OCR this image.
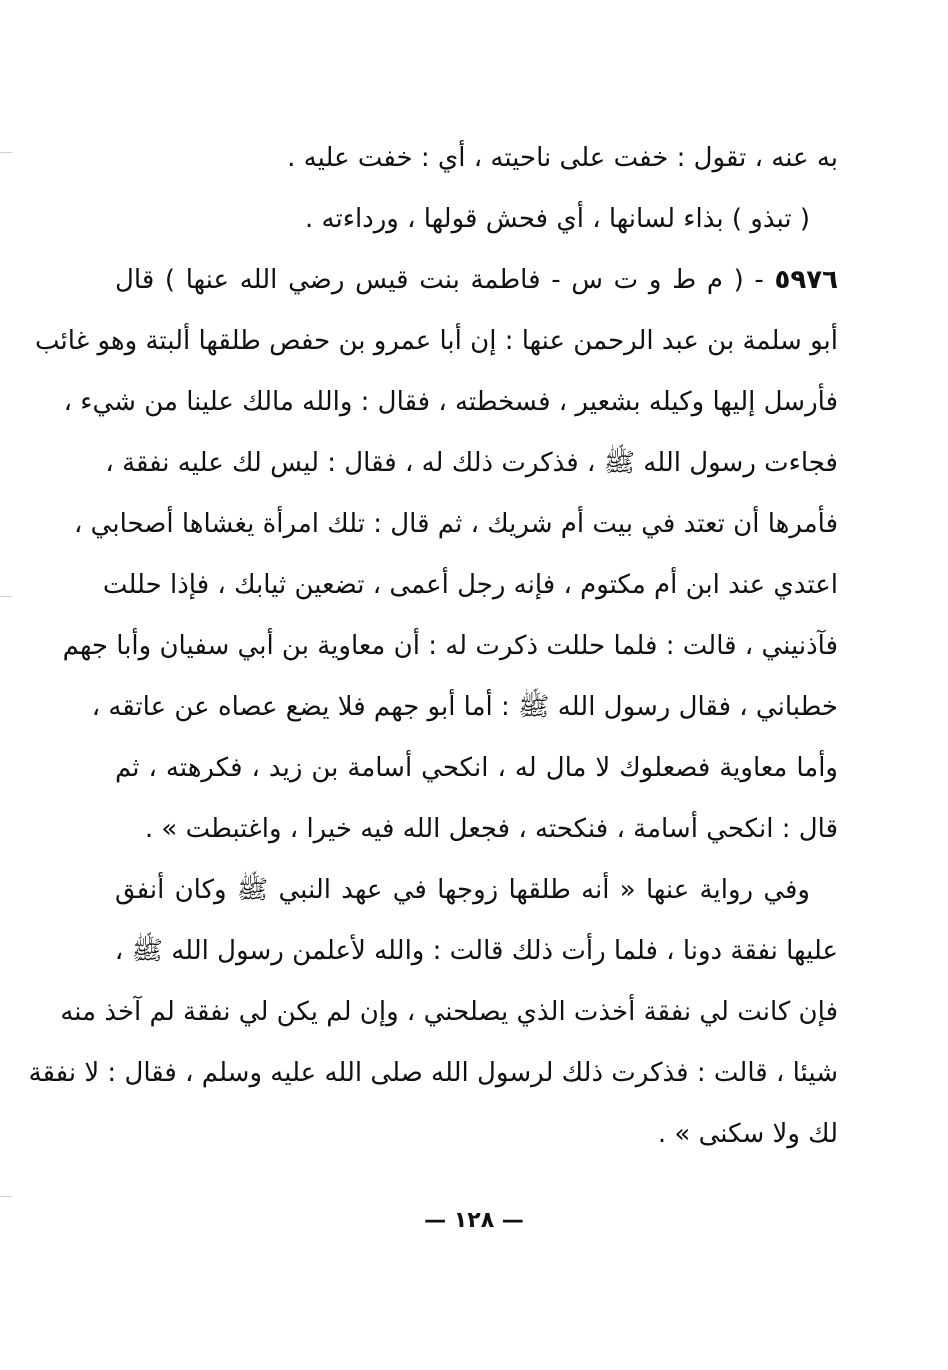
به عنه ، تقول : خفت على ناحيته ، أي : خفت عليه .
( تبذو ) بذاء لسانها ، أي فحش قولها ، ورداءته .
٥٩٧٦ - ( م ط و ت س - فاطمة بنت قيس رضي الله عنها ) قال
أبو سلمة بن عبد الرحمن عنها : إن أبا عمرو بن حفص طلقها ألبتة وهو غائب
فأرسل إليها وكيله بشعير ، فسخطته ، فقال : والله مالك علينا من شيء ،
فجاءت رسول الله ﷺ ، فذكرت ذلك له ، فقال : ليس لك عليه نفقة ،
فأمرها أن تعتد في بيت أم شريك ، ثم قال : تلك امرأة يغشاها أصحابي ،
اعتدي عند ابن أم مكتوم ، فإنه رجل أعمى ، تضعين ثيابك ، فإذا حللت
فآذنيني ، قالت : فلما حللت ذكرت له : أن معاوية بن أبي سفيان وأبا جهم
خطباني ، فقال رسول الله ﷺ : أما أبو جهم فلا يضع عصاه عن عاتقه ،
وأما معاوية فصعلوك لا مال له ، انكحي أسامة بن زيد ، فكرهته ، ثم
قال : انكحي أسامة ، فنكحته ، فجعل الله فيه خيرا ، واغتبطت » .
وفي رواية عنها « أنه طلقها زوجها في عهد النبي ﷺ وكان أنفق
عليها نفقة دونا ، فلما رأت ذلك قالت : والله لأعلمن رسول الله ﷺ ،
فإن كانت لي نفقة أخذت الذي يصلحني ، وإن لم يكن لي نفقة لم آخذ منه
شيئا ، قالت : فذكرت ذلك لرسول الله صلى الله عليه وسلم ، فقال : لا نفقة
لك ولا سكنى » .
— ١٢٨ —
